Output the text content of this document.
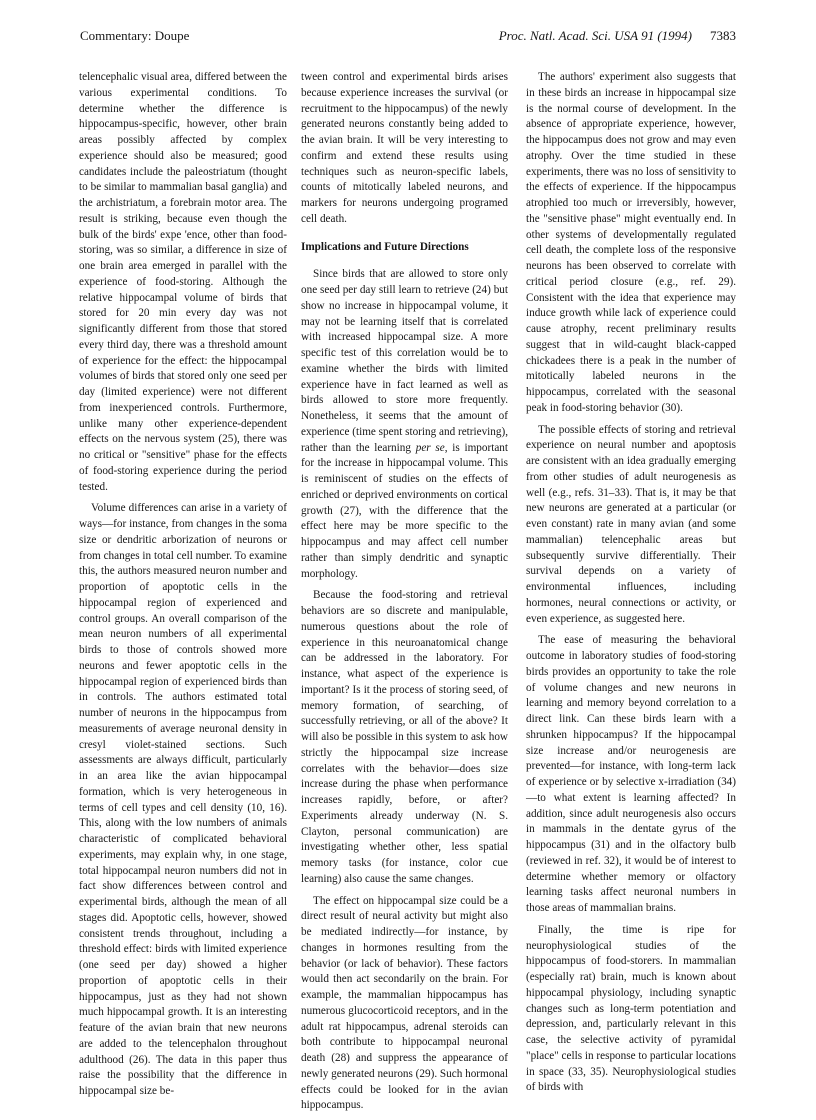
Commentary: Doupe	Proc. Natl. Acad. Sci. USA 91 (1994) 7383

telencephalic visual area, differed between the various experimental conditions. To determine whether the difference is hippocampus-specific, however, other brain areas possibly affected by complex experience should also be measured; good candidates include the paleostriatum (thought to be similar to mammalian basal ganglia) and the archistriatum, a forebrain motor area. The result is striking, because even though the bulk of the birds' expe 'ence, other than food-storing, was so similar, a difference in size of one brain area emerged in parallel with the experience of food-storing. Although the relative hippocampal volume of birds that stored for 20 min every day was not significantly different from those that stored every third day, there was a threshold amount of experience for the effect: the hippocampal volumes of birds that stored only one seed per day (limited experience) were not different from inexperienced controls. Furthermore, unlike many other experience-dependent effects on the nervous system (25), there was no critical or "sensitive" phase for the effects of food-storing experience during the period tested.

Volume differences can arise in a variety of ways—for instance, from changes in the soma size or dendritic arborization of neurons or from changes in total cell number. To examine this, the authors measured neuron number and proportion of apoptotic cells in the hippocampal region of experienced and control groups. An overall comparison of the mean neuron numbers of all experimental birds to those of controls showed more neurons and fewer apoptotic cells in the hippocampal region of experienced birds than in controls. The authors estimated total number of neurons in the hippocampus from measurements of average neuronal density in cresyl violet-stained sections. Such assessments are always difficult, particularly in an area like the avian hippocampal formation, which is very heterogeneous in terms of cell types and cell density (10, 16). This, along with the low numbers of animals characteristic of complicated behavioral experiments, may explain why, in one stage, total hippocampal neuron numbers did not in fact show differences between control and experimental birds, although the mean of all stages did. Apoptotic cells, however, showed consistent trends throughout, including a threshold effect: birds with limited experience (one seed per day) showed a higher proportion of apoptotic cells in their hippocampus, just as they had not shown much hippocampal growth. It is an interesting feature of the avian brain that new neurons are added to the telencephalon throughout adulthood (26). The data in this paper thus raise the possibility that the difference in hippocampal size be-

tween control and experimental birds arises because experience increases the survival (or recruitment to the hippocampus) of the newly generated neurons constantly being added to the avian brain. It will be very interesting to confirm and extend these results using techniques such as neuron-specific labels, counts of mitotically labeled neurons, and markers for neurons undergoing programed cell death.

Implications and Future Directions

Since birds that are allowed to store only one seed per day still learn to retrieve (24) but show no increase in hippocampal volume, it may not be learning itself that is correlated with increased hippocampal size. A more specific test of this correlation would be to examine whether the birds with limited experience have in fact learned as well as birds allowed to store more frequently. Nonetheless, it seems that the amount of experience (time spent storing and retrieving), rather than the learning per se, is important for the increase in hippocampal volume. This is reminiscent of studies on the effects of enriched or deprived environments on cortical growth (27), with the difference that the effect here may be more specific to the hippocampus and may affect cell number rather than simply dendritic and synaptic morphology.

Because the food-storing and retrieval behaviors are so discrete and manipulable, numerous questions about the role of experience in this neuroanatomical change can be addressed in the laboratory. For instance, what aspect of the experience is important? Is it the process of storing seed, of memory formation, of searching, of successfully retrieving, or all of the above? It will also be possible in this system to ask how strictly the hippocampal size increase correlates with the behavior—does size increase during the phase when performance increases rapidly, before, or after? Experiments already underway (N. S. Clayton, personal communication) are investigating whether other, less spatial memory tasks (for instance, color cue learning) also cause the same changes.

The effect on hippocampal size could be a direct result of neural activity but might also be mediated indirectly—for instance, by changes in hormones resulting from the behavior (or lack of behavior). These factors would then act secondarily on the brain. For example, the mammalian hippocampus has numerous glucocorticoid receptors, and in the adult rat hippocampus, adrenal steroids can both contribute to hippocampal neuronal death (28) and suppress the appearance of newly generated neurons (29). Such hormonal effects could be looked for in the avian hippocampus.

The authors' experiment also suggests that in these birds an increase in hippocampal size is the normal course of development. In the absence of appropriate experience, however, the hippocampus does not grow and may even atrophy. Over the time studied in these experiments, there was no loss of sensitivity to the effects of experience. If the hippocampus atrophied too much or irreversibly, however, the "sensitive phase" might eventually end. In other systems of developmentally regulated cell death, the complete loss of the responsive neurons has been observed to correlate with critical period closure (e.g., ref. 29). Consistent with the idea that experience may induce growth while lack of experience could cause atrophy, recent preliminary results suggest that in wild-caught black-capped chickadees there is a peak in the number of mitotically labeled neurons in the hippocampus, correlated with the seasonal peak in food-storing behavior (30).

The possible effects of storing and retrieval experience on neural number and apoptosis are consistent with an idea gradually emerging from other studies of adult neurogenesis as well (e.g., refs. 31–33). That is, it may be that new neurons are generated at a particular (or even constant) rate in many avian (and some mammalian) telencephalic areas but subsequently survive differentially. Their survival depends on a variety of environmental influences, including hormones, neural connections or activity, or even experience, as suggested here.

The ease of measuring the behavioral outcome in laboratory studies of food-storing birds provides an opportunity to take the role of volume changes and new neurons in learning and memory beyond correlation to a direct link. Can these birds learn with a shrunken hippocampus? If the hippocampal size increase and/or neurogenesis are prevented—for instance, with long-term lack of experience or by selective x-irradiation (34)—to what extent is learning affected? In addition, since adult neurogenesis also occurs in mammals in the dentate gyrus of the hippocampus (31) and in the olfactory bulb (reviewed in ref. 32), it would be of interest to determine whether memory or olfactory learning tasks affect neuronal numbers in those areas of mammalian brains.

Finally, the time is ripe for neurophysiological studies of the hippocampus of food-storers. In mammalian (especially rat) brain, much is known about hippocampal physiology, including synaptic changes such as long-term potentiation and depression, and, particularly relevant in this case, the selective activity of pyramidal "place" cells in response to particular locations in space (33, 35). Neurophysiological studies of birds with
